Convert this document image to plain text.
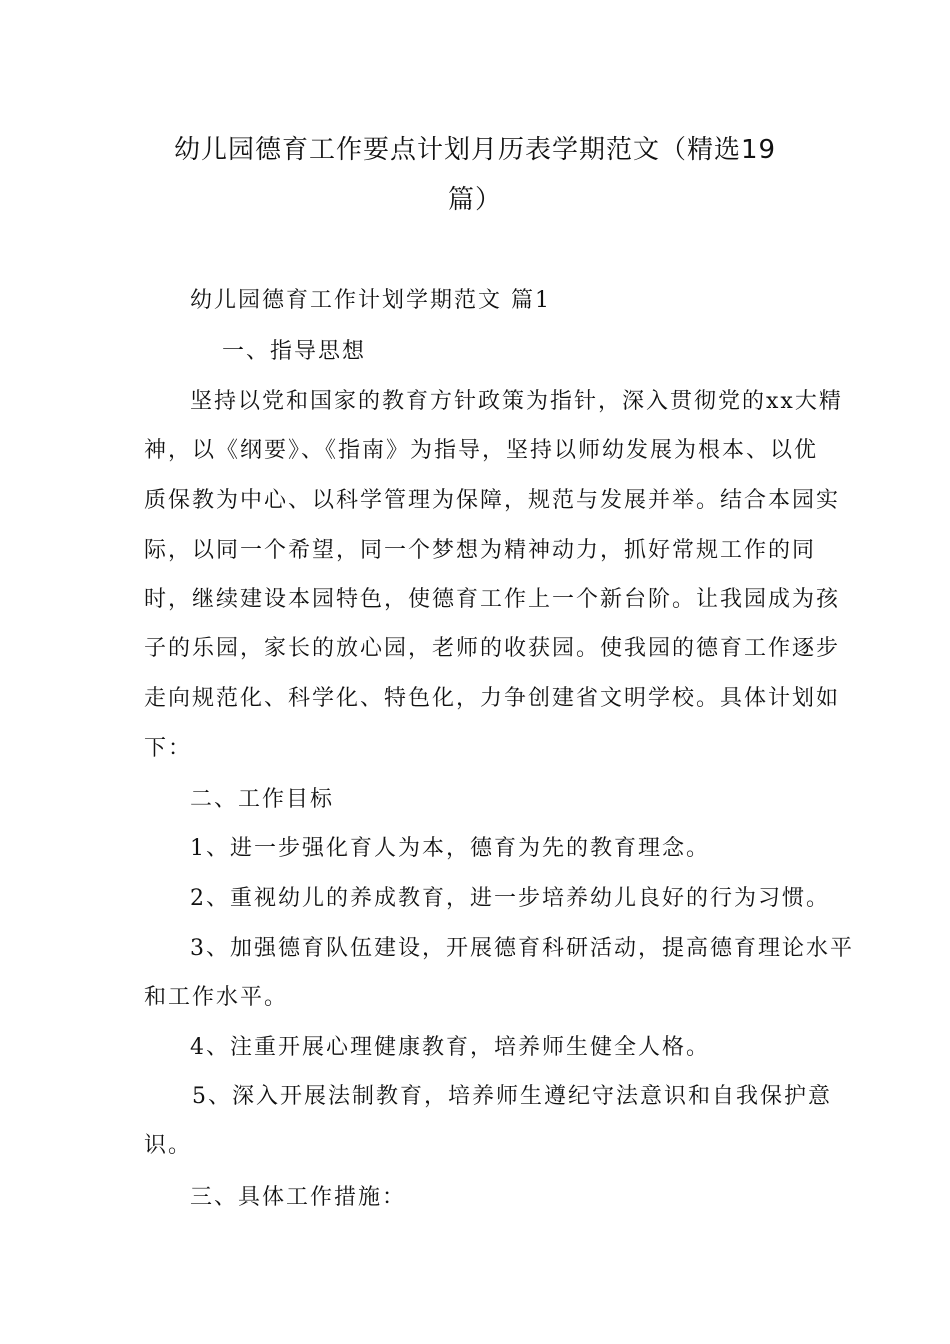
幼儿园德育工作要点计划月历表学期范文（精选19
篇）
幼儿园德育工作计划学期范文 篇1
一、指导思想
坚持以党和国家的教育方针政策为指针，深入贯彻党的xx大精
神，以《纲要》、《指南》为指导，坚持以师幼发展为根本、以优
质保教为中心、以科学管理为保障，规范与发展并举。结合本园实
际，以同一个希望，同一个梦想为精神动力，抓好常规工作的同
时，继续建设本园特色，使德育工作上一个新台阶。让我园成为孩
子的乐园，家长的放心园，老师的收获园。使我园的德育工作逐步
走向规范化、科学化、特色化，力争创建省文明学校。具体计划如
下：
二、工作目标
1、进一步强化育人为本，德育为先的教育理念。
2、重视幼儿的养成教育，进一步培养幼儿良好的行为习惯。
3、加强德育队伍建设，开展德育科研活动，提高德育理论水平
和工作水平。
4、注重开展心理健康教育，培养师生健全人格。
5、深入开展法制教育，培养师生遵纪守法意识和自我保护意
识。
三、具体工作措施：
